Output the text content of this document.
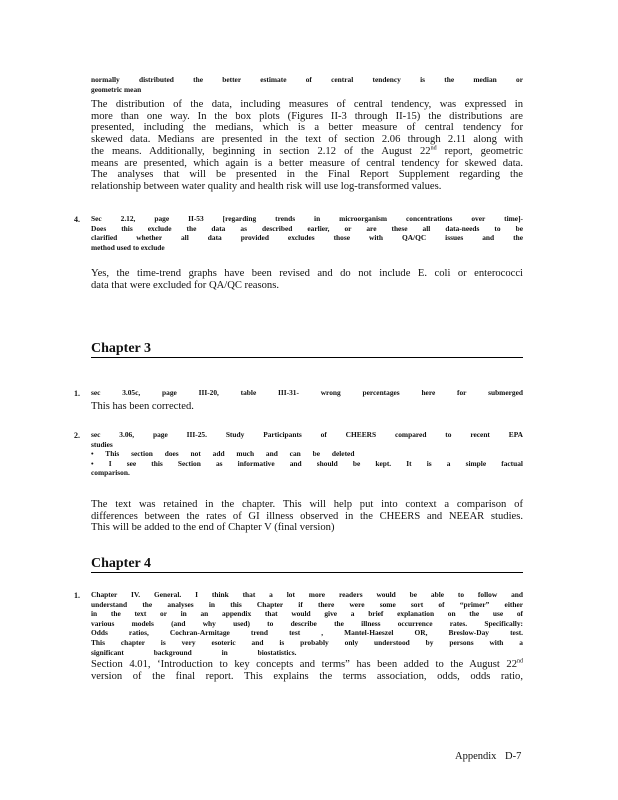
normally distributed the better estimate of central tendency is the median or
geometric mean
The distribution of the data, including measures of central tendency, was expressed in
more than one way. In the box plots (Figures II-3 through II-15) the distributions are
presented, including the medians, which is a better measure of central tendency for
skewed data. Medians are presented in the text of section 2.06 through 2.11 along with
the means. Additionally, beginning in section 2.12 of the August 22nd report, geometric
means are presented, which again is a better measure of central tendency for skewed data.
The analyses that will be presented in the Final Report Supplement regarding the
relationship between water quality and health risk will use log-transformed values.
4. Sec 2.12, page II-53 [regarding trends in microorganism concentrations over time]-
Does this exclude the data as described earlier, or are these all data-needs to be
clarified whether all data provided excludes those with QA/QC issues and the
method used to exclude
Yes, the time-trend graphs have been revised and do not include E. coli or enterococci
data that were excluded for QA/QC reasons.
Chapter 3
1. sec 3.05c, page III-20, table III-31- wrong percentages here for submerged
This has been corrected.
2. sec 3.06, page III-25. Study Participants of CHEERS compared to recent EPA
studies
• This section does not add much and can be deleted
• I see this Section as informative and should be kept. It is a simple factual
comparison.
The text was retained in the chapter. This will help put into context a comparison of
differences between the rates of GI illness observed in the CHEERS and NEEAR studies.
This will be added to the end of Chapter V (final version)
Chapter 4
1. Chapter IV. General. I think that a lot more readers would be able to follow and
understand the analyses in this Chapter if there were some sort of “primer” either
in the text or in an appendix that would give a brief explanation on the use of
various models (and why used) to describe the illness occurrence rates. Specifically:
Odds ratios, Cochran-Armitage trend test , Mantel-Haeszel OR, Breslow-Day test.
This chapter is very esoteric and is probably only understood by persons with a
significant background in biostatistics.
Section 4.01, ‘Introduction to key concepts and terms” has been added to the August 22nd
version of the final report. This explains the terms association, odds, odds ratio,
Appendix D-7
